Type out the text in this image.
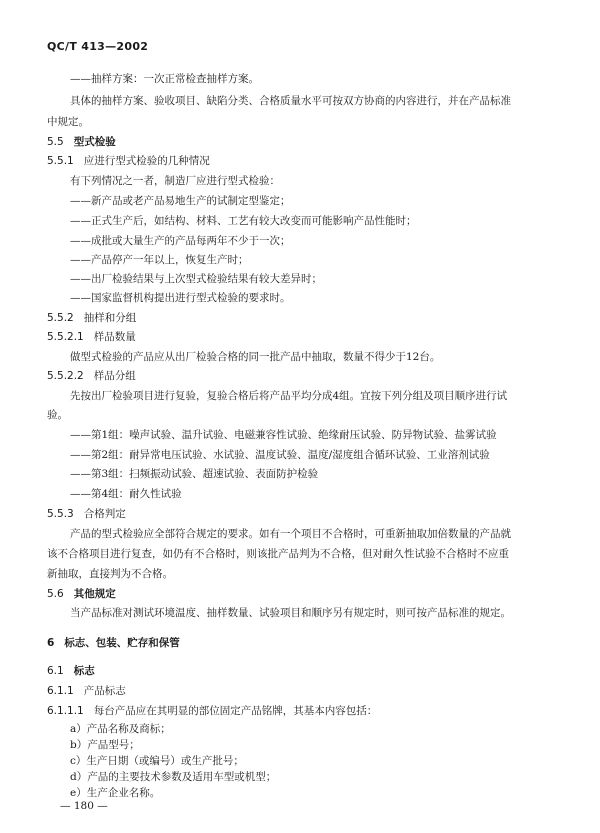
QC/T 413—2002
——抽样方案：一次正常检查抽样方案。
具体的抽样方案、验收项目、缺陷分类、合格质量水平可按双方协商的内容进行，并在产品标准
中规定。
5.5 型式检验
5.5.1 应进行型式检验的几种情况
有下列情况之一者，制造厂应进行型式检验：
——新产品或老产品易地生产的试制定型鉴定；
——正式生产后，如结构、材料、工艺有较大改变而可能影响产品性能时；
——成批或大量生产的产品每两年不少于一次；
——产品停产一年以上，恢复生产时；
——出厂检验结果与上次型式检验结果有较大差异时；
——国家监督机构提出进行型式检验的要求时。
5.5.2 抽样和分组
5.5.2.1 样品数量
做型式检验的产品应从出厂检验合格的同一批产品中抽取，数量不得少于12台。
5.5.2.2 样品分组
先按出厂检验项目进行复验，复验合格后将产品平均分成4组。宜按下列分组及项目顺序进行试
验。
——第1组：噪声试验、温升试验、电磁兼容性试验、绝缘耐压试验、防异物试验、盐雾试验
——第2组：耐异常电压试验、水试验、温度试验、温度/湿度组合循环试验、工业溶剂试验
——第3组：扫频振动试验、超速试验、表面防护检验
——第4组：耐久性试验
5.5.3 合格判定
产品的型式检验应全部符合规定的要求。如有一个项目不合格时，可重新抽取加倍数量的产品就
该不合格项目进行复查，如仍有不合格时，则该批产品判为不合格，但对耐久性试验不合格时不应重
新抽取，直接判为不合格。
5.6 其他规定
当产品标准对测试环境温度、抽样数量、试验项目和顺序另有规定时，则可按产品标准的规定。
6 标志、包装、贮存和保管
6.1 标志
6.1.1 产品标志
6.1.1.1 每台产品应在其明显的部位固定产品铭牌，其基本内容包括：
a）产品名称及商标；
b）产品型号；
c）生产日期（或编号）或生产批号；
d）产品的主要技术参数及适用车型或机型；
— 180 —
e）生产企业名称。
